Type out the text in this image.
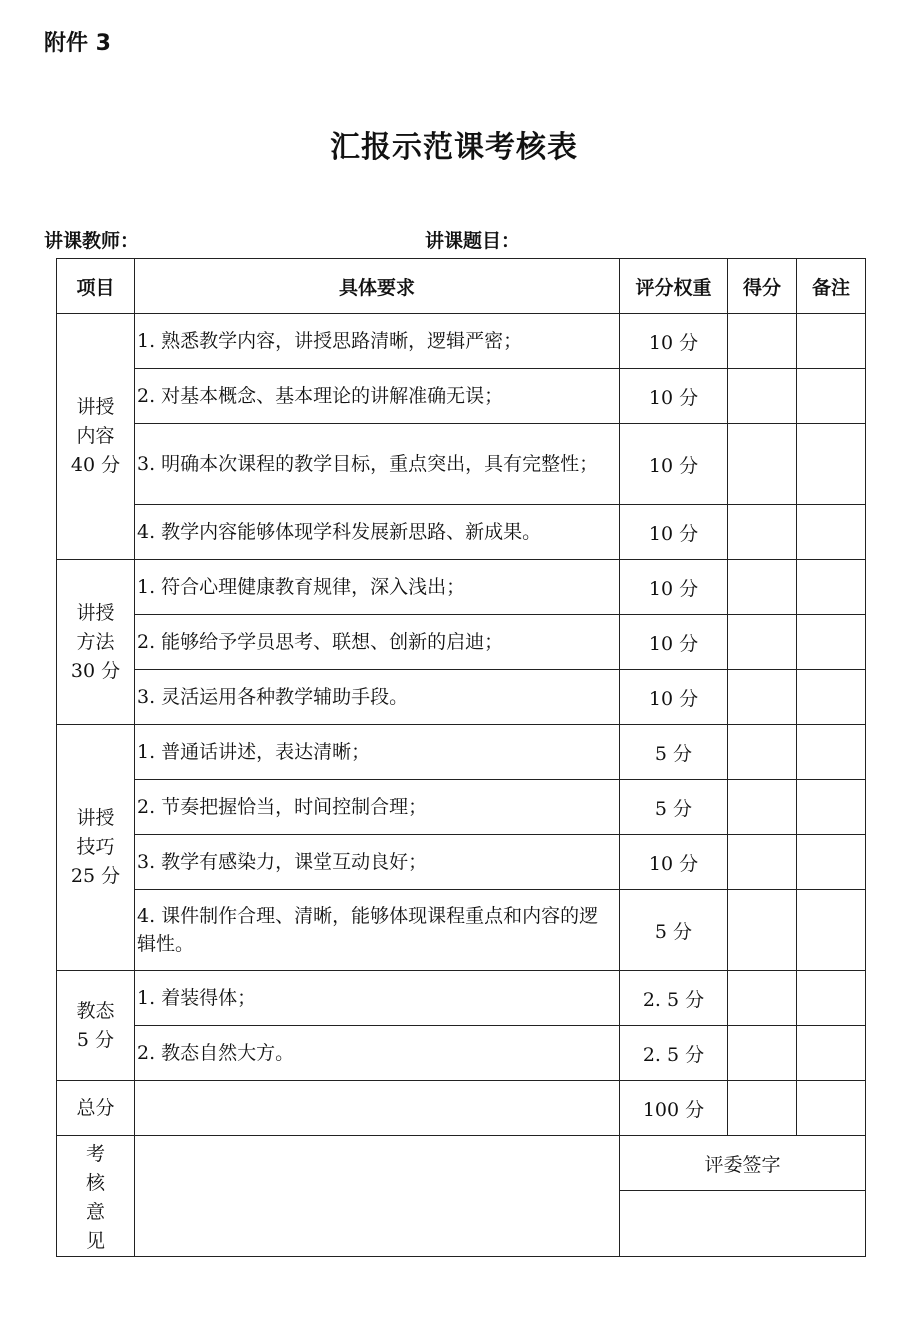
附件 3
汇报示范课考核表
讲课教师：	讲课题目：
项目	具体要求	评分权重	得分	备注

讲授
内容
40 分	1. 熟悉教学内容，讲授思路清晰，逻辑严密；	10 分		
	2. 对基本概念、基本理论的讲解准确无误；	10 分		
	3. 明确本次课程的教学目标，重点突出，具有完整性；	10 分		
	4. 教学内容能够体现学科发展新思路、新成果。	10 分		

讲授
方法
30 分	1. 符合心理健康教育规律，深入浅出；	10 分		
	2. 能够给予学员思考、联想、创新的启迪；	10 分		
	3. 灵活运用各种教学辅助手段。	10 分		

讲授
技巧
25 分	1. 普通话讲述，表达清晰；	5 分		
	2. 节奏把握恰当，时间控制合理；	5 分		
	3. 教学有感染力，课堂互动良好；	10 分		
	4. 课件制作合理、清晰，能够体现课程重点和内容的逻辑性。	5 分		

教态
5 分	1. 着装得体；	2. 5 分		
	2. 教态自然大方。	2. 5 分		
总分		100 分		

考
核
意
见		评委签字		
